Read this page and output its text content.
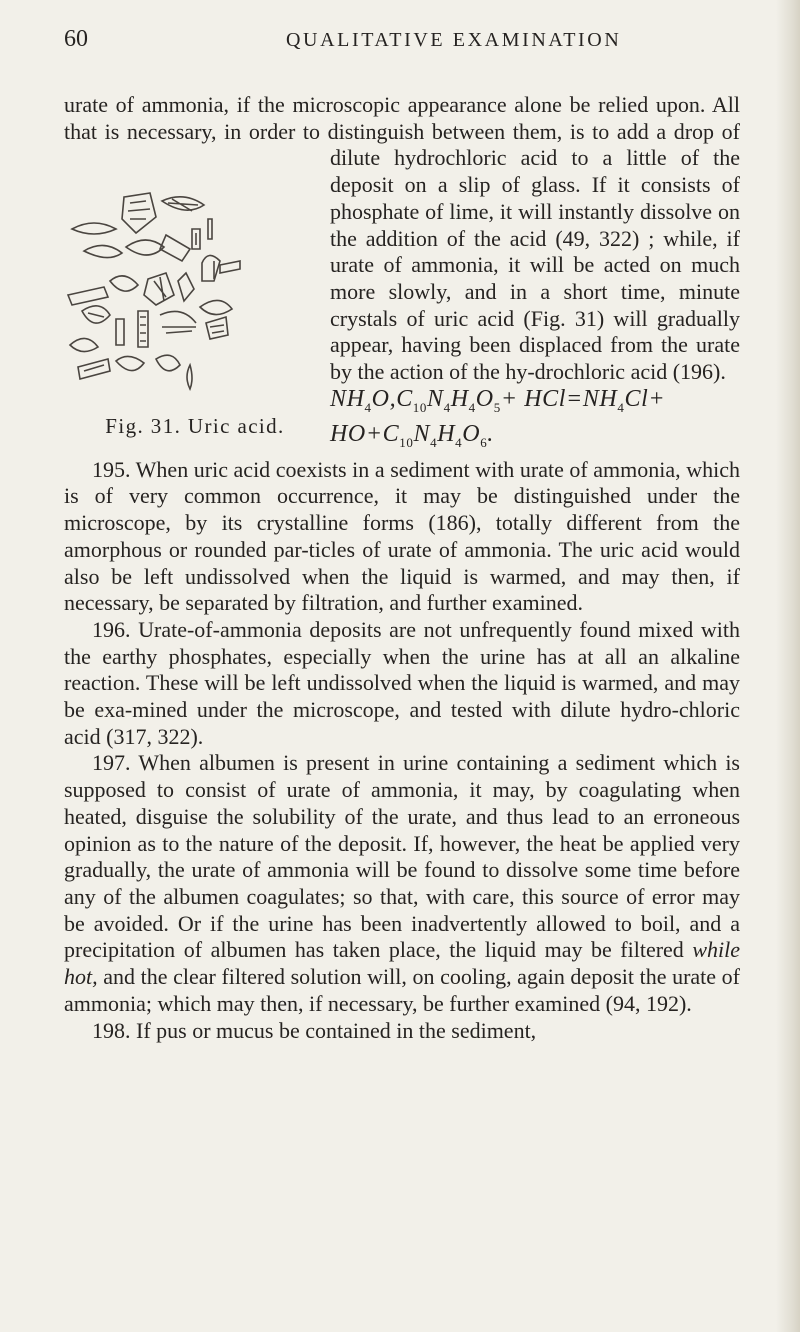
60	QUALITATIVE EXAMINATION

urate of ammonia, if the microscopic appearance alone be relied upon. All that is necessary, in order to distinguish between them, is to add a drop of dilute hydrochloric acid
Fig. 31. Uric acid.
to a little of the deposit on a slip of glass. If it consists of phosphate of lime, it will instantly dissolve on the addition of the acid (49, 322) ; while, if urate of ammonia, it will be acted on much more slowly, and in a short time, minute crystals of uric acid (Fig. 31) will gradually appear, having been displaced from the urate by the action of the hy-drochloric acid (196).

$NH_4O,C_{10}N_4H_4O_5+ HCl=NH_4Cl+ HO+C_{10}N_4H_4O_6$.

195. When uric acid coexists in a sediment with urate of ammonia, which is of very common occurrence, it may be distinguished under the microscope, by its crystalline forms (186), totally different from the amorphous or rounded par-ticles of urate of ammonia. The uric acid would also be left undissolved when the liquid is warmed, and may then, if necessary, be separated by filtration, and further examined.

196. Urate-of-ammonia deposits are not unfrequently found mixed with the earthy phosphates, especially when the urine has at all an alkaline reaction. These will be left undissolved when the liquid is warmed, and may be exa-mined under the microscope, and tested with dilute hydro-chloric acid (317, 322).

197. When albumen is present in urine containing a sediment which is supposed to consist of urate of ammonia, it may, by coagulating when heated, disguise the solubility of the urate, and thus lead to an erroneous opinion as to the nature of the deposit. If, however, the heat be applied very gradually, the urate of ammonia will be found to dissolve some time before any of the albumen coagulates; so that, with care, this source of error may be avoided. Or if the urine has been inadvertently allowed to boil, and a precipitation of albumen has taken place, the liquid may be filtered while hot, and the clear filtered solution will, on cooling, again deposit the urate of ammonia; which may then, if necessary, be further examined (94, 192).

198. If pus or mucus be contained in the sediment,
